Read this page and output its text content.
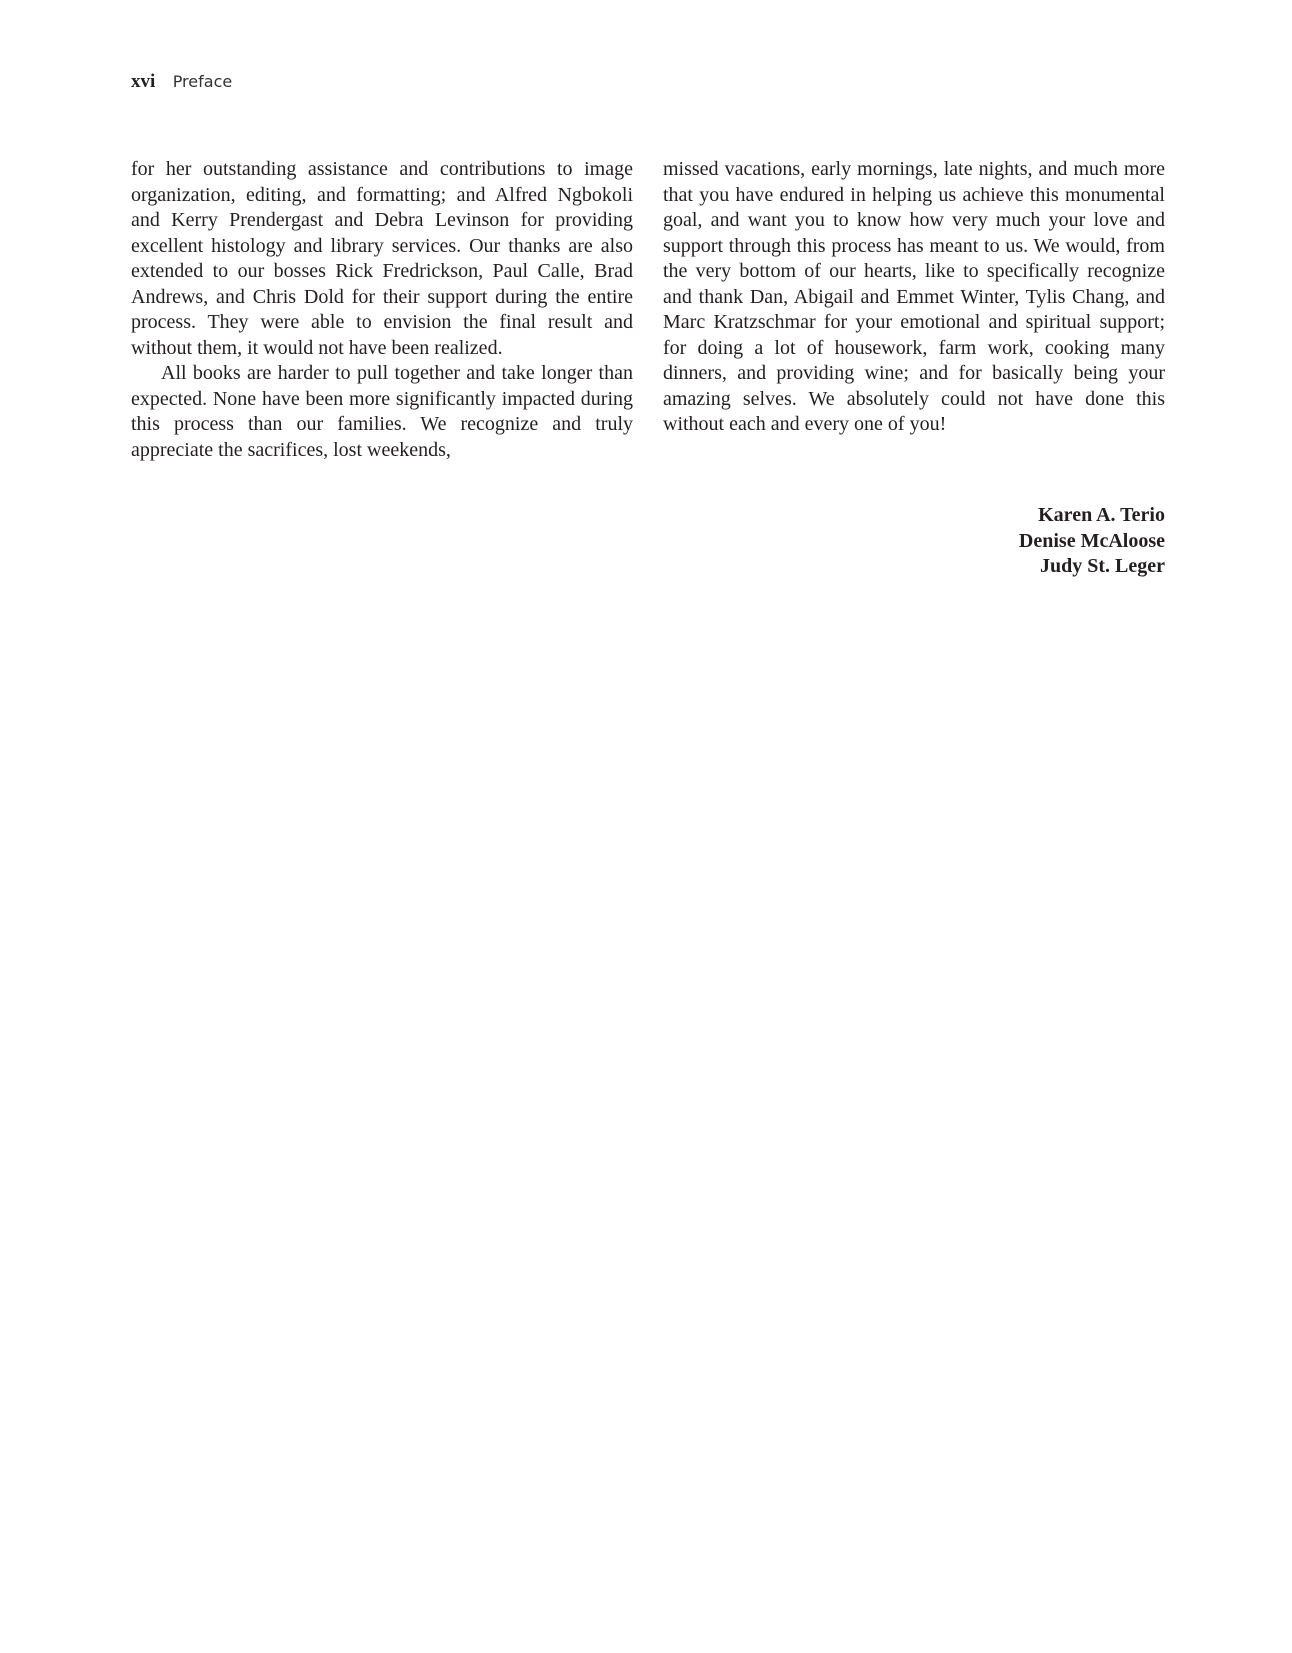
xvi Preface

for her outstanding assistance and contributions to image organization, editing, and formatting; and Alfred Ngbokoli and Kerry Prendergast and Debra Levinson for providing excellent histology and library services. Our thanks are also extended to our bosses Rick Fredrickson, Paul Calle, Brad Andrews, and Chris Dold for their support during the entire process. They were able to envision the final result and without them, it would not have been realized.

All books are harder to pull together and take longer than expected. None have been more significantly impacted during this process than our families. We recognize and truly appreciate the sacrifices, lost weekends,

missed vacations, early mornings, late nights, and much more that you have endured in helping us achieve this monumental goal, and want you to know how very much your love and support through this process has meant to us. We would, from the very bottom of our hearts, like to specifically recognize and thank Dan, Abigail and Emmet Winter, Tylis Chang, and Marc Kratzschmar for your emotional and spiritual support; for doing a lot of housework, farm work, cooking many dinners, and providing wine; and for basically being your amazing selves. We absolutely could not have done this without each and every one of you!

Karen A. Terio
Denise McAloose
Judy St. Leger
